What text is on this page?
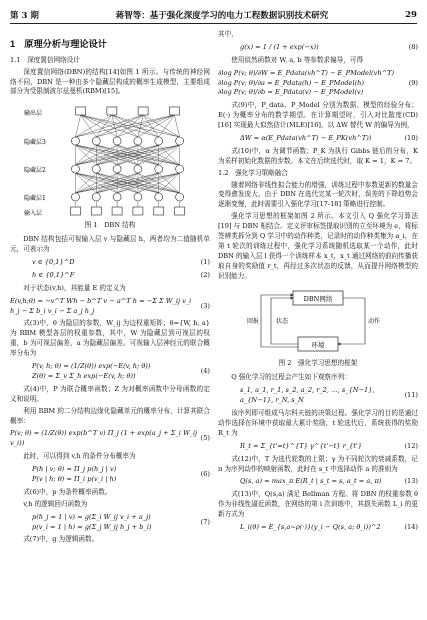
第 3 期	蒋智等：基于强化深度学习的电力工程数据识别技术研究	29
1　原理分析与理论设计
1.1　深度置信网络设计

深度置信网络(DBN)的结构[14]如图 1 所示。与传统的神经网络不同，DBN 是一种由多个隐藏层构成的概率生成模型，主要组成部分为受限制波尔兹曼机(RBM)[15]。

输出层
隐藏层3
隐藏层2
隐藏层1
输入层
图 1　DBN 结构

DBN 结构包括可视输入层 v 与隐藏层 h，两者均为二值随机单元，可表示为

v ∈ {0,1}^D	(1)
h ∈ {0,1}^F	(2)

对于状态(v,h)，其能量 E 的定义为

E(v,h;θ) = −v^T Wh − b^T v − a^T h = −Σ Σ W_ij v_i h_j − Σ b_i v_i − Σ a_j h_j
(3)

式(3)中，θ 为隐层的参数，W_ij 为边权重矩阵；θ={W, b, a} 为 RBM 模型各层的权重参数，其中，W 为隐藏层到可视层的权重，b 为可视层偏差，a 为隐藏层偏差。可视输入层神经元的联合概率分布为

P(v, h; θ) = (1/Z(θ)) exp(−E(v, h; θ))
Z(θ) = Σ_v Σ_h exp(−E(v, h; θ))
(4)

式(4)中，P 为联合概率函数；Z 为对概率函数中分母函数的定义和说明。

利用 RBM 的二分结构边缘化隐藏单元的概率分布，计算其联合概率：

P(v; θ) = (1/Z(θ)) exp(b^T v) Π_j (1 + exp(a_j + Σ_i W_ij v_i))
(5)

此时，可以得到 v,h 的条件分布概率为

P(h | v; θ) = Π_j p(h_j | v)
P(v | h; θ) = Π_i p(v_i | h)
(6)

式(6)中，p 为条件概率函数。

v,h 的逻辑回归函数为

p(h_j = 1 | v) = g(Σ_i W_ij v_i + a_j)
p(v_i = 1 | h) = g(Σ_j W_ij h_j + b_i)
(7)

式(7)中，g 为逻辑函数。

其中，

g(x) = 1 / (1 + exp(−x))	(8)

使用似然函数对 W, a, b 等参数求偏导，可得

∂log P(v; θ)/∂W = E_Pdata(vh^T) − E_PModel(vh^T)
∂log P(v; θ)/∂a = E_Pdata(h) − E_PModel(h)
∂log P(v; θ)/∂b = E_Pdata(v) − E_PModel(v)
(9)

式(9)中，P_data、P_Model 分别为数据、模型的经验分布；E(·) 为概率分布的数学期望。在计算期望时，引入对比散度(CD)[16] 实现最大似然估计(MLE)[16]，以 ΔW 替代 W 的偏导为例，

ΔW = α(E_Pdata(vh^T) − E_PK(vh^T))	(10)

式(10)中，α 为调节函数；P_K 为执行 Gibbs 链后的分布，K 为采样初始化数据的步数。本文在后续选代时，取 K = 1，K = 7。

1.2　强化学习策略融合

随着网络非线性拟合能力的增强，训练过程中参数更新的数量会变得愈发庞大，由于 DBN 在选代完某一轮次时，误差的下降趋势会逐渐变慢，此时需要引入强化学习[17-18] 策略进行控制。

强化学习思想的框架如图 2 所示。本文引入 Q 强化学习算法[19] 与 DBN 相结合。定义评审标签提取识别的立至环境为 e，将标签辨类拆分到 Q 学习中的动作种类，记录时的动作种类集为 a_i，在第 t 轮次的训练过程中，强化学习系统随机选取某一个动作，此时 DBN 的输入层 l 获得一个训练样本 x_t，x_t 通过网络的前向传播获取自身的奖励值 r_t，再经过多次状态的反馈，从而提升网络模型的识别能力。

DBN网络
环境
状态
回报	动作
图 2　强化学习思想的框架

Q 强化学习的过程会产生如下观察序列：

s_1, a_1, r_1, s_2, a_2, r_2, …, s_{N−1}, a_{N−1}, r_N, s_N
(11)

该序列即可组成马尔科夫链的决策过程。强化学习的目的是通过动作选择在环境中获取最大累计奖励，t 轮选代后，系统获得的奖励 R_t 为

R_t = Σ_{t'=t}^{T} γ^{t'−t} r_{t'}	(12)

式(12)中，T 为选代轮数的上限；γ 为不同轮次的衰减系数，记 π 为序列动作的映射函数，此时在 s_t 中选择动作 a 的准则为

Q(s, a) = max_π E(R_t | s_t = s, a_t = a, π)	(13)

式(13)中，Q(s,a) 满足 Bellman 方程。将 DBN 的权重参数 θ 作为非线性逼近函数，在网络的第 i 次训练中，其损失函数 L_i 的更新方式为

L_i(θ) = E_{s,a~ρ(·)}(y_i − Q(s, a; θ_i))^2	(14)
